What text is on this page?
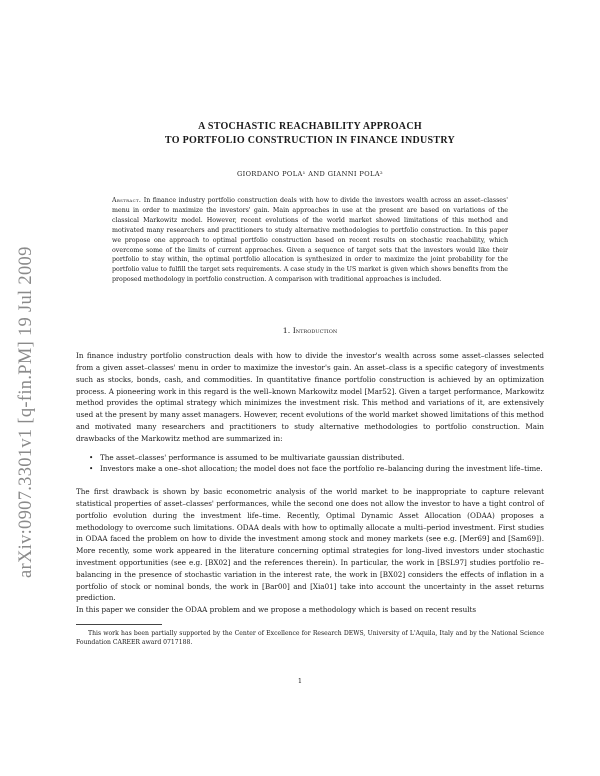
arXiv:0907.3301v1 [q-fin.PM] 19 Jul 2009
A STOCHASTIC REACHABILITY APPROACH
TO PORTFOLIO CONSTRUCTION IN FINANCE INDUSTRY
GIORDANO POLA¹ AND GIANNI POLA²
Abstract. In finance industry portfolio construction deals with how to divide the investors wealth across an asset–classes' menu in order to maximize the investors' gain. Main approaches in use at the present are based on variations of the classical Markowitz model. However, recent evolutions of the world market showed limitations of this method and motivated many researchers and practitioners to study alternative methodologies to portfolio construction. In this paper we propose one approach to optimal portfolio construction based on recent results on stochastic reachability, which overcome some of the limits of current approaches. Given a sequence of target sets that the investors would like their portfolio to stay within, the optimal portfolio allocation is synthesized in order to maximize the joint probability for the portfolio value to fulfill the target sets requirements. A case study in the US market is given which shows benefits from the proposed methodology in portfolio construction. A comparison with traditional approaches is included.
1. Introduction

In finance industry portfolio construction deals with how to divide the investor's wealth across some asset–classes selected from a given asset–classes' menu in order to maximize the investor's gain. An asset–class is a specific category of investments such as stocks, bonds, cash, and commodities. In quantitative finance portfolio construction is achieved by an optimization process. A pioneering work in this regard is the well–known Markowitz model [Mar52]. Given a target performance, Markowitz method provides the optimal strategy which minimizes the investment risk. This method and variations of it, are extensively used at the present by many asset managers. However, recent evolutions of the world market showed limitations of this method and motivated many researchers and practitioners to study alternative methodologies to portfolio construction. Main drawbacks of the Markowitz method are summarized in:

• The asset–classes' performance is assumed to be multivariate gaussian distributed.
• Investors make a one–shot allocation; the model does not face the portfolio re–balancing during the investment life–time.

The first drawback is shown by basic econometric analysis of the world market to be inappropriate to capture relevant statistical properties of asset–classes' performances, while the second one does not allow the investor to have a tight control of portfolio evolution during the investment life–time. Recently, Optimal Dynamic Asset Allocation (ODAA) proposes a methodology to overcome such limitations. ODAA deals with how to optimally allocate a multi–period investment. First studies in ODAA faced the problem on how to divide the investment among stock and money markets (see e.g. [Mer69] and [Sam69]). More recently, some work appeared in the literature concerning optimal strategies for long–lived investors under stochastic investment opportunities (see e.g. [BX02] and the references therein). In particular, the work in [BSL97] studies portfolio re–balancing in the presence of stochastic variation in the interest rate, the work in [BX02] considers the effects of inflation in a portfolio of stock or nominal bonds, the work in [Bar00] and [Xia01] take into account the uncertainty in the asset returns prediction.

In this paper we consider the ODAA problem and we propose a methodology which is based on recent results

This work has been partially supported by the Center of Excellence for Research DEWS, University of L'Aquila, Italy and by the National Science Foundation CAREER award 0717188.

1
